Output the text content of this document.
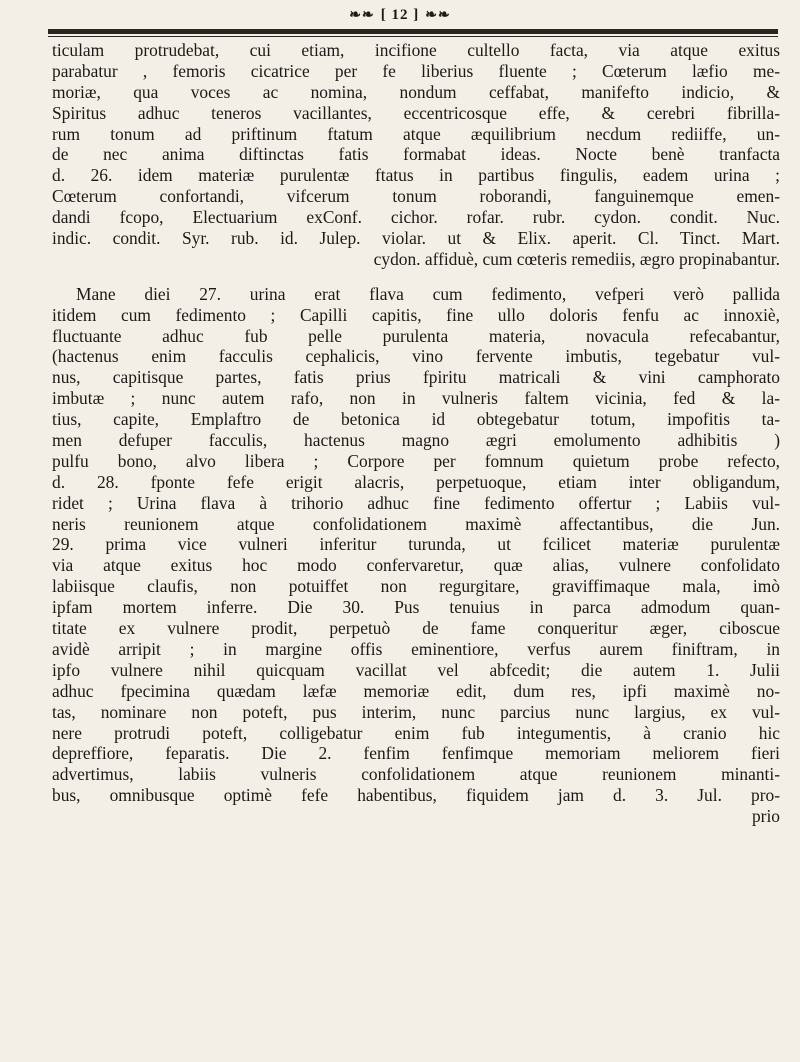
❧❧ [ 12 ] ❧❧
ticulam protrudebat, cui etiam, incifione cultello facta, via atque exitus
parabatur , femoris cicatrice per fe liberius fluente ; Cœterum læfio me-
moriæ, qua voces ac nomina, nondum ceffabat, manifefto indicio, &
Spiritus adhuc teneros vacillantes, eccentricosque effe, & cerebri fibrilla-
rum tonum ad priftinum ftatum atque æquilibrium necdum rediiffe, un-
de nec anima diftinctas fatis formabat ideas. Nocte benè tranfacta
d. 26. idem materiæ purulentæ ftatus in partibus fingulis, eadem urina ;
Cœterum confortandi, vifcerum tonum roborandi, fanguinemque emen-
dandi fcopo, Electuarium exConf. cichor. rofar. rubr. cydon. condit. Nuc.
indic. condit. Syr. rub. id. Julep. violar. ut & Elix. aperit. Cl. Tinct. Mart.
cydon. affiduè, cum cœteris remediis, ægro propinabantur.
Mane diei 27. urina erat flava cum fedimento, vefperi verò pallida
itidem cum fedimento ; Capilli capitis, fine ullo doloris fenfu ac innoxiè,
fluctuante adhuc fub pelle purulenta materia, novacula refecabantur,
(hactenus enim facculis cephalicis, vino fervente imbutis, tegebatur vul-
nus, capitisque partes, fatis prius fpiritu matricali & vini camphorato
imbutæ ; nunc autem rafo, non in vulneris faltem vicinia, fed & la-
tius, capite, Emplaftro de betonica id obtegebatur totum, impofitis ta-
men defuper facculis, hactenus magno ægri emolumento adhibitis )
pulfu bono, alvo libera ; Corpore per fomnum quietum probe refecto,
d. 28. fponte fefe erigit alacris, perpetuoque, etiam inter obligandum,
ridet ; Urina flava à trihorio adhuc fine fedimento offertur ; Labiis vul-
neris reunionem atque confolidationem maximè affectantibus, die Jun.
29. prima vice vulneri inferitur turunda, ut fcilicet materiæ purulentæ
via atque exitus hoc modo confervaretur, quæ alias, vulnere confolidato
labiisque claufis, non potuiffet non regurgitare, graviffimaque mala, imò
ipfam mortem inferre. Die 30. Pus tenuius in parca admodum quan-
titate ex vulnere prodit, perpetuò de fame conqueritur æger, ciboscue
avidè arripit ; in margine offis eminentiore, verfus aurem finiftram, in
ipfo vulnere nihil quicquam vacillat vel abfcedit; die autem 1. Julii
adhuc fpecimina quædam læfæ memoriæ edit, dum res, ipfi maximè no-
tas, nominare non poteft, pus interim, nunc parcius nunc largius, ex vul-
nere protrudi poteft, colligebatur enim fub integumentis, à cranio hic
depreffiore, feparatis. Die 2. fenfim fenfimque memoriam meliorem fieri
advertimus, labiis vulneris confolidationem atque reunionem minanti-
bus, omnibusque optimè fefe habentibus, fiquidem jam d. 3. Jul. pro-
prio
